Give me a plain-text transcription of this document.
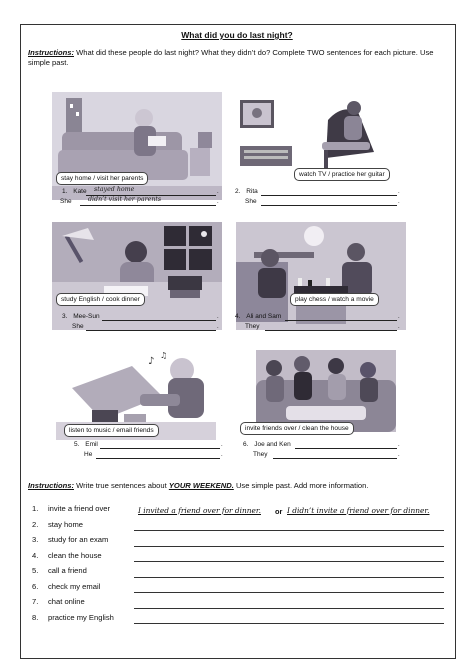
What did you do last night?
Instructions: What did these people do last night? What they didn’t do? Complete TWO sentences for each picture. Use simple past.
stay home / visit her parents
watch TV / practice her guitar
study English / cook dinner	play chess / watch a movie
♪
♫
listen to music / email friends	invite friends over / clean the house
1. Kate stayed home	.
She	didn’t visit her parents	.
2. Rita	.
She	.
3. Mee-Sun	.
She	.
4. Ali and Sam	.
They	.
5. Emil	.
He	.
6. Joe and Ken	.
They	.
Instructions: Write true sentences about YOUR WEEKEND. Use simple past. Add more information.
1.	invite a friend over	I invited a friend over for dinner. or I didn’t invite a friend over for dinner.
2.	stay home
3.	study for an exam
4.	clean the house
5.	call a friend
6.	check my email
7.	chat online
8.	practice my English
